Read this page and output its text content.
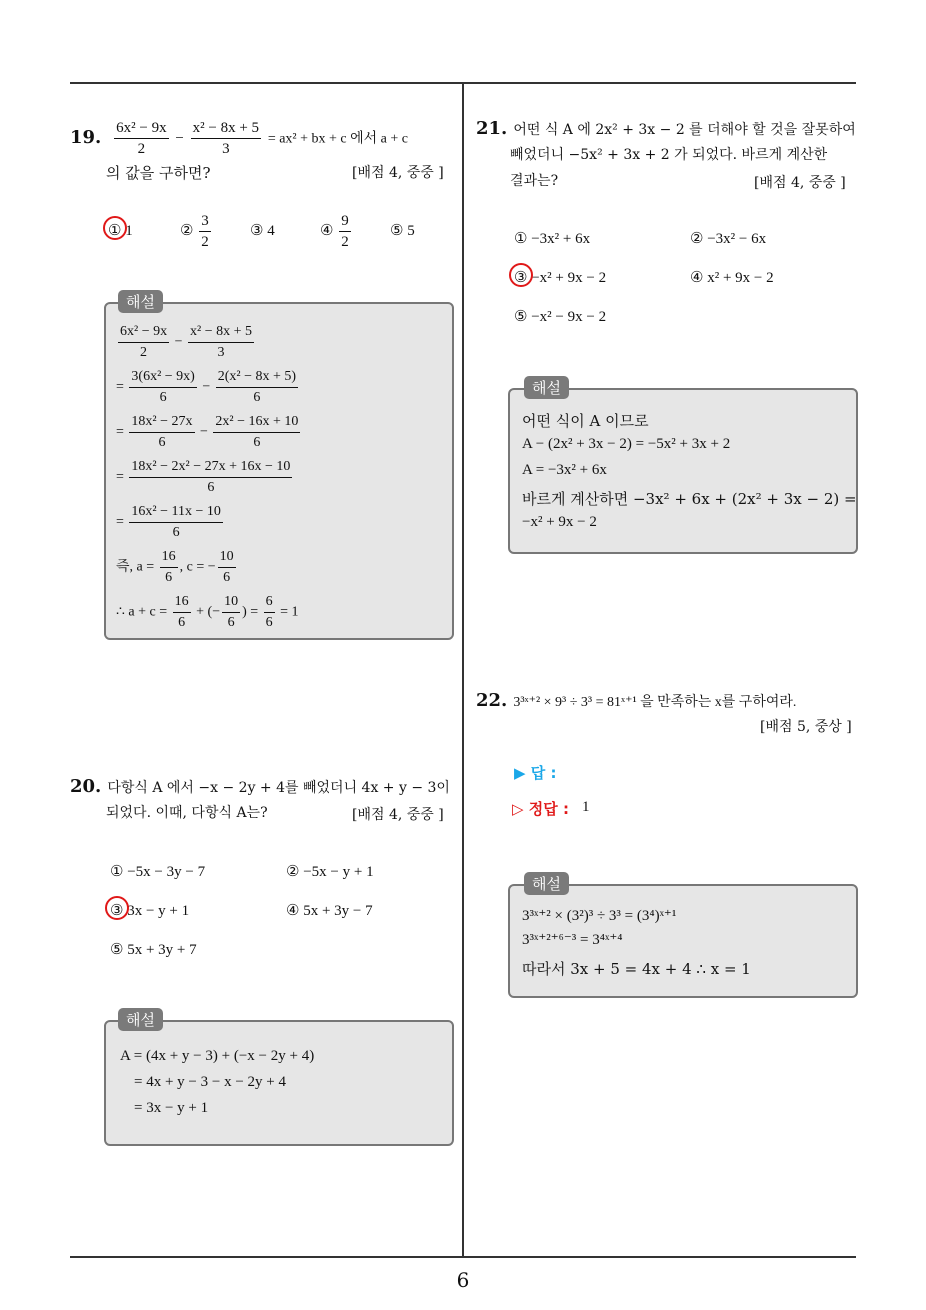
6
19. $\frac{\text{6x² − 9x}}{2} - \frac{\text{x² − 8x + 5}}{3} = ax^2$ + bx + c 에서 a + c
의 값을 구하면?	[배점 4, 중중 ]
① 1	② $\frac{3}{2}$	③ 4	④ $\frac{9}{2}$	⑤ 5
해설
$\frac{\text{6x² − 9x}}{2} - \frac{\text{x² − 8x + 5}}{3}$
= $\frac{\text{3(6x² − 9x)}}{6} - \frac{\text{2(x² − 8x + 5)}}{6}$
= $\frac{\text{18x² − 27x}}{6} - \frac{\text{2x² − 16x + 10}}{6}$
= $\frac{\text{18x² − 2x² − 27x + 16x − 10}}{6}$
= $\frac{\text{16x² − 11x − 10}}{6}$
즉, $a = \frac{16}{6}$ , c = − $\frac{10}{6}$
∴ $a + c = \frac{16}{6}$ + (− $\frac{10}{6}$ ) = $\frac{6}{6} = 1$
20. 다항식 A 에서 −x − 2y + 4를 빼었더니 4x + y − 3이
되었다. 이때, 다항식 A는?	[배점 4, 중중 ]
① −5x − 3y − 7	② −5x − y + 1
③ 3x − y + 1	④ 5x + 3y − 7
⑤ 5x + 3y + 7
해설
A = (4x + y − 3) + (−x − 2y + 4)
= 4x + y − 3 − x − 2y + 4
= 3x − y + 1
21. 어떤 식 A 에 2x² + 3x − 2 를 더해야 할 것을 잘못하여
빼었더니 −5x² + 3x + 2 가 되었다. 바르게 계산한
결과는?	[배점 4, 중중 ]
① −3x² + 6x	② −3x² − 6x
③ −x² + 9x − 2	④ x² + 9x − 2
⑤ −x² − 9x − 2
해설
어떤 식이 A 이므로
A − (2x² + 3x − 2) = −5x² + 3x + 2
A = −3x² + 6x
바르게 계산하면 −3x² + 6x + (2x² + 3x − 2) =
−x² + 9x − 2
22. 3³ˣ⁺² × 9³ ÷ 3³ = 81ˣ⁺¹ 을 만족하는 x를 구하여라.
[배점 5, 중상 ]
▶ 답 :
▷ 정답 : 1
해설
3³ˣ⁺² × (3²)³ ÷ 3³ = (3⁴)ˣ⁺¹
3³ˣ⁺²⁺⁶⁻³ = 3⁴ˣ⁺⁴
따라서 3x + 5 = 4x + 4 ∴ x = 1
